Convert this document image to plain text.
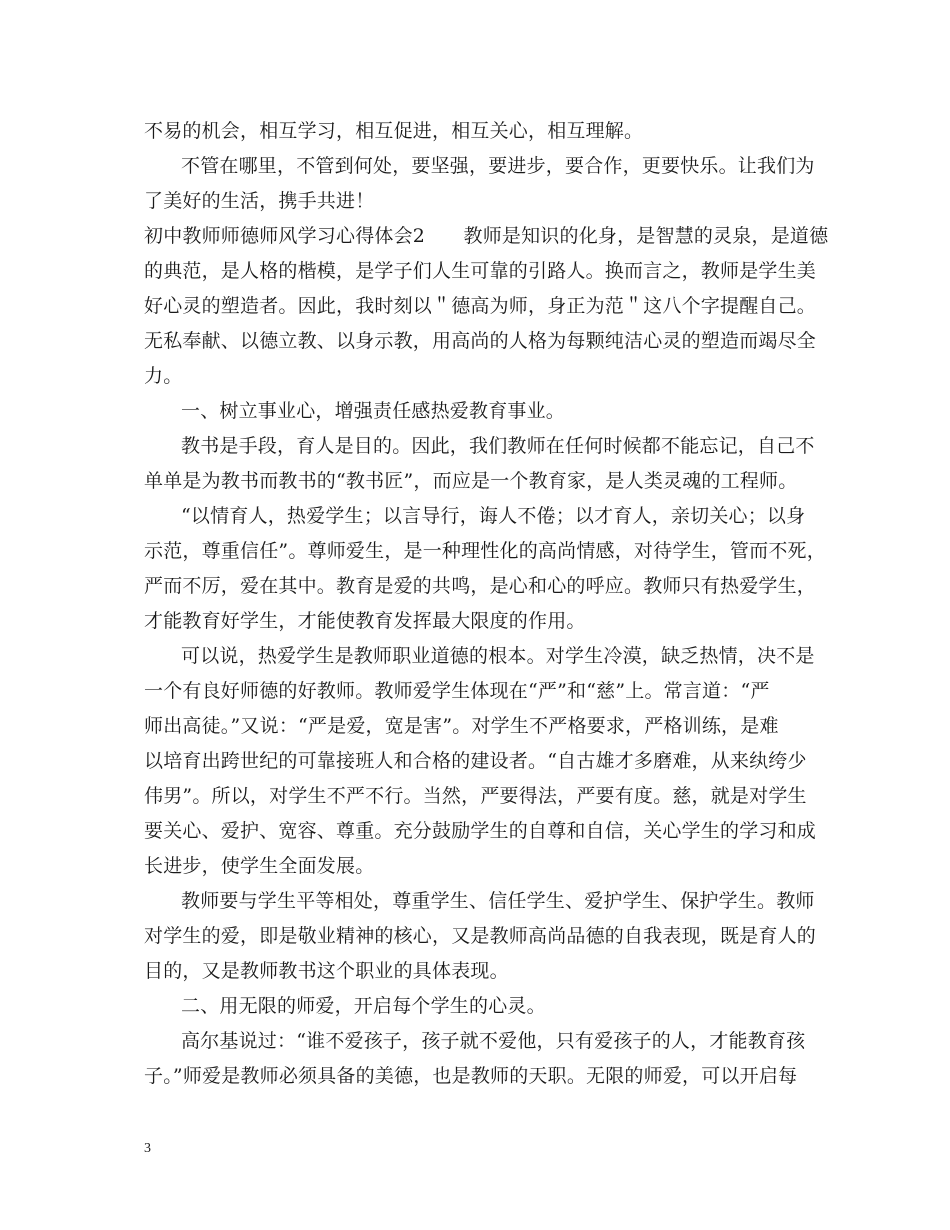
不易的机会，相互学习，相互促进，相互关心，相互理解。
不管在哪里，不管到何处，要坚强，要进步，要合作，更要快乐。让我们为
了美好的生活，携手共进！
初中教师师德师风学习心得体会2　　教师是知识的化身，是智慧的灵泉，是道德
的典范，是人格的楷模，是学子们人生可靠的引路人。换而言之，教师是学生美
好心灵的塑造者。因此，我时刻以＂德高为师，身正为范＂这八个字提醒自己。
无私奉献、以德立教、以身示教，用高尚的人格为每颗纯洁心灵的塑造而竭尽全
力。
一、树立事业心，增强责任感热爱教育事业。
教书是手段，育人是目的。因此，我们教师在任何时候都不能忘记，自己不
单单是为教书而教书的“教书匠”，而应是一个教育家，是人类灵魂的工程师。
“以情育人，热爱学生；以言导行，诲人不倦；以才育人，亲切关心；以身
示范，尊重信任”。尊师爱生，是一种理性化的高尚情感，对待学生，管而不死，
严而不厉，爱在其中。教育是爱的共鸣，是心和心的呼应。教师只有热爱学生，
才能教育好学生，才能使教育发挥最大限度的作用。
可以说，热爱学生是教师职业道德的根本。对学生冷漠，缺乏热情，决不是
一个有良好师德的好教师。教师爱学生体现在“严”和“慈”上。常言道：“严
师出高徒。”又说：“严是爱，宽是害”。对学生不严格要求，严格训练，是难
以培育出跨世纪的可靠接班人和合格的建设者。“自古雄才多磨难，从来纨绔少
伟男”。所以，对学生不严不行。当然，严要得法，严要有度。慈，就是对学生
要关心、爱护、宽容、尊重。充分鼓励学生的自尊和自信，关心学生的学习和成
长进步，使学生全面发展。
教师要与学生平等相处，尊重学生、信任学生、爱护学生、保护学生。教师
对学生的爱，即是敬业精神的核心，又是教师高尚品德的自我表现，既是育人的
目的，又是教师教书这个职业的具体表现。
二、用无限的师爱，开启每个学生的心灵。
高尔基说过：“谁不爱孩子，孩子就不爱他，只有爱孩子的人，才能教育孩
子。”师爱是教师必须具备的美德，也是教师的天职。无限的师爱，可以开启每
3
